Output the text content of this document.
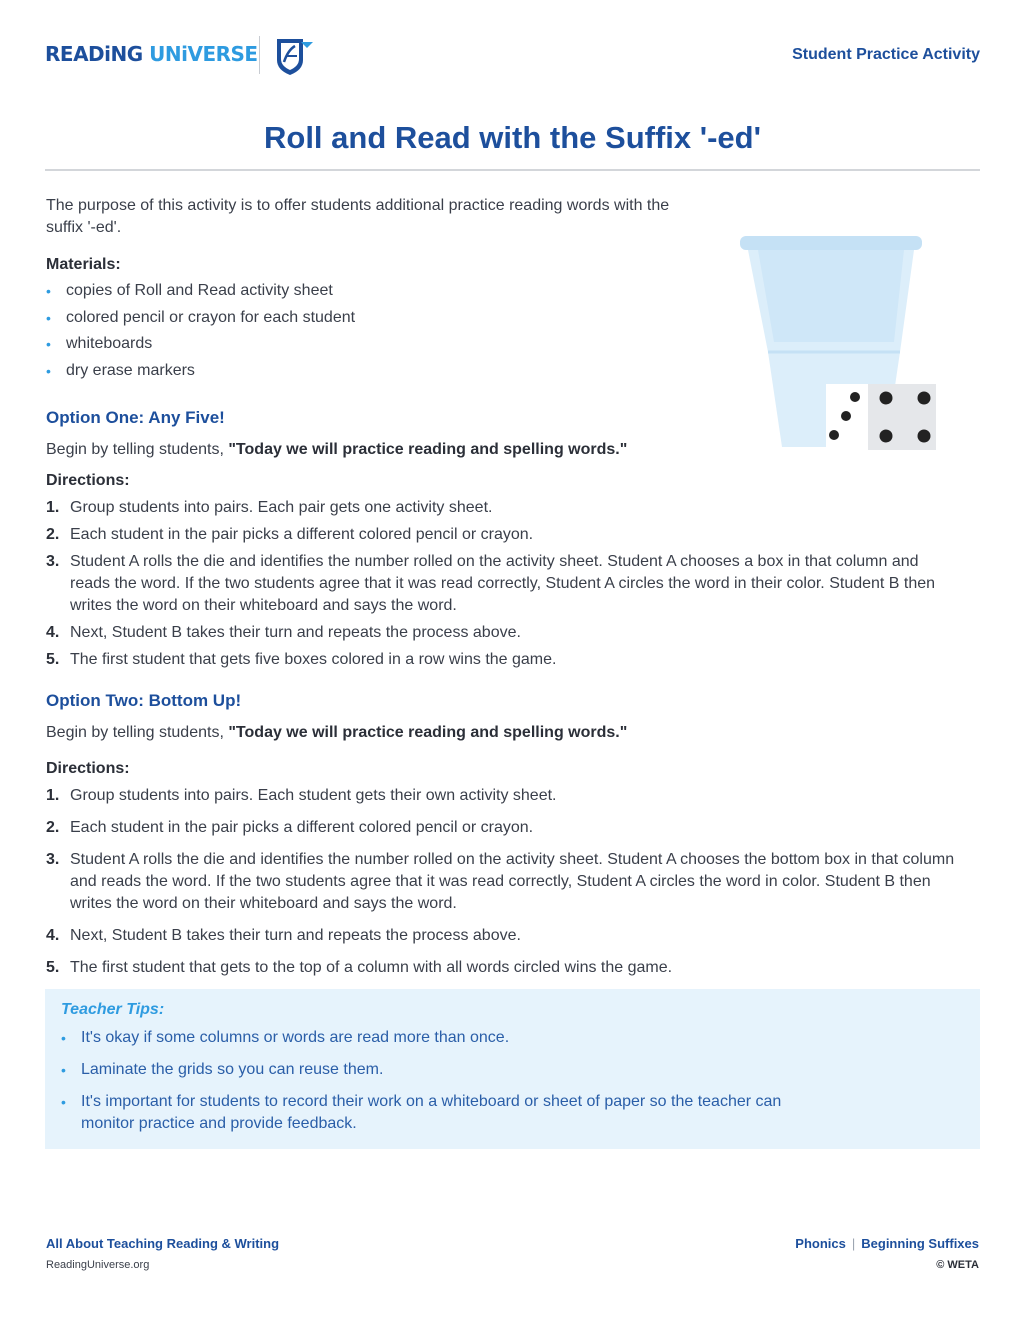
READiNG UNiVERSE	Student Practice Activity
Roll and Read with the Suffix '-ed'

The purpose of this activity is to offer students additional practice reading words with the suffix '-ed'.

Materials:

• copies of Roll and Read activity sheet
• colored pencil or crayon for each student
• whiteboards
• dry erase markers

Option One: Any Five!

Begin by telling students, "Today we will practice reading and spelling words."

Directions:

1. Group students into pairs. Each pair gets one activity sheet.
2. Each student in the pair picks a different colored pencil or crayon.
3. Student A rolls the die and identifies the number rolled on the activity sheet. Student A chooses a box in that column and reads the word. If the two students agree that it was read correctly, Student A circles the word in their color. Student B then writes the word on their whiteboard and says the word.
4. Next, Student B takes their turn and repeats the process above.
5. The first student that gets five boxes colored in a row wins the game.

Option Two: Bottom Up!

Begin by telling students, "Today we will practice reading and spelling words."

Directions:

1. Group students into pairs. Each student gets their own activity sheet.
2. Each student in the pair picks a different colored pencil or crayon.
3. Student A rolls the die and identifies the number rolled on the activity sheet. Student A chooses the bottom box in that column and reads the word. If the two students agree that it was read correctly, Student A circles the word in color. Student B then writes the word on their whiteboard and says the word.
4. Next, Student B takes their turn and repeats the process above.
5. The first student that gets to the top of a column with all words circled wins the game.

Teacher Tips:

• It's okay if some columns or words are read more than once.
• Laminate the grids so you can reuse them.
• It's important for students to record their work on a whiteboard or sheet of paper so the teacher can monitor practice and provide feedback.
All About Teaching Reading & Writing
ReadingUniverse.org
Phonics | Beginning Suffixes
© WETA
